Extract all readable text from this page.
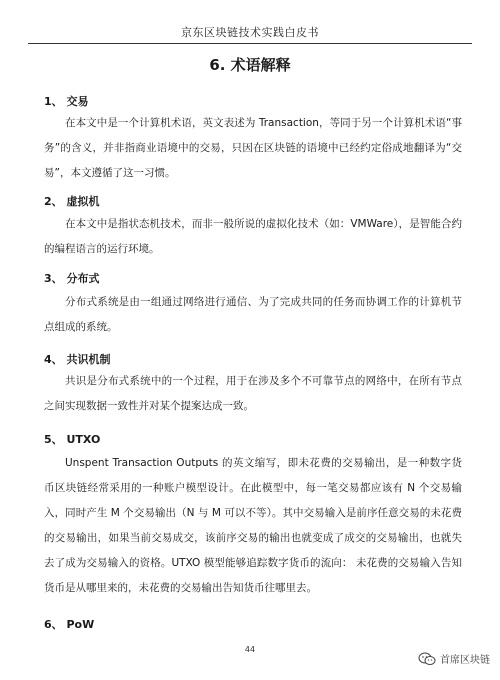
京东区块链技术实践白皮书
6. 术语解释
1、 交易

在本文中是一个计算机术语，英文表述为 Transaction，等同于另一个计算机术语“事务”的含义，并非指商业语境中的交易，只因在区块链的语境中已经约定俗成地翻译为“交易”，本文遵循了这一习惯。

2、 虚拟机

在本文中是指状态机技术，而非一般所说的虚拟化技术（如：VMWare），是智能合约的编程语言的运行环境。

3、 分布式

分布式系统是由一组通过网络进行通信、为了完成共同的任务而协调工作的计算机节点组成的系统。

4、 共识机制

共识是分布式系统中的一个过程，用于在涉及多个不可靠节点的网络中，在所有节点之间实现数据一致性并对某个提案达成一致。

5、 UTXO

Unspent Transaction Outputs 的英文缩写，即未花费的交易输出，是一种数字货币区块链经常采用的一种账户模型设计。在此模型中，每一笔交易都应该有 N 个交易输入，同时产生 M 个交易输出（N 与 M 可以不等）。其中交易输入是前序任意交易的未花费的交易输出，如果当前交易成交，该前序交易的输出也就变成了成交的交易输出，也就失去了成为交易输入的资格。UTXO 模型能够追踪数字货币的流向： 未花费的交易输入告知货币是从哪里来的，未花费的交易输出告知货币往哪里去。

6、 PoW
44
首席区块链
